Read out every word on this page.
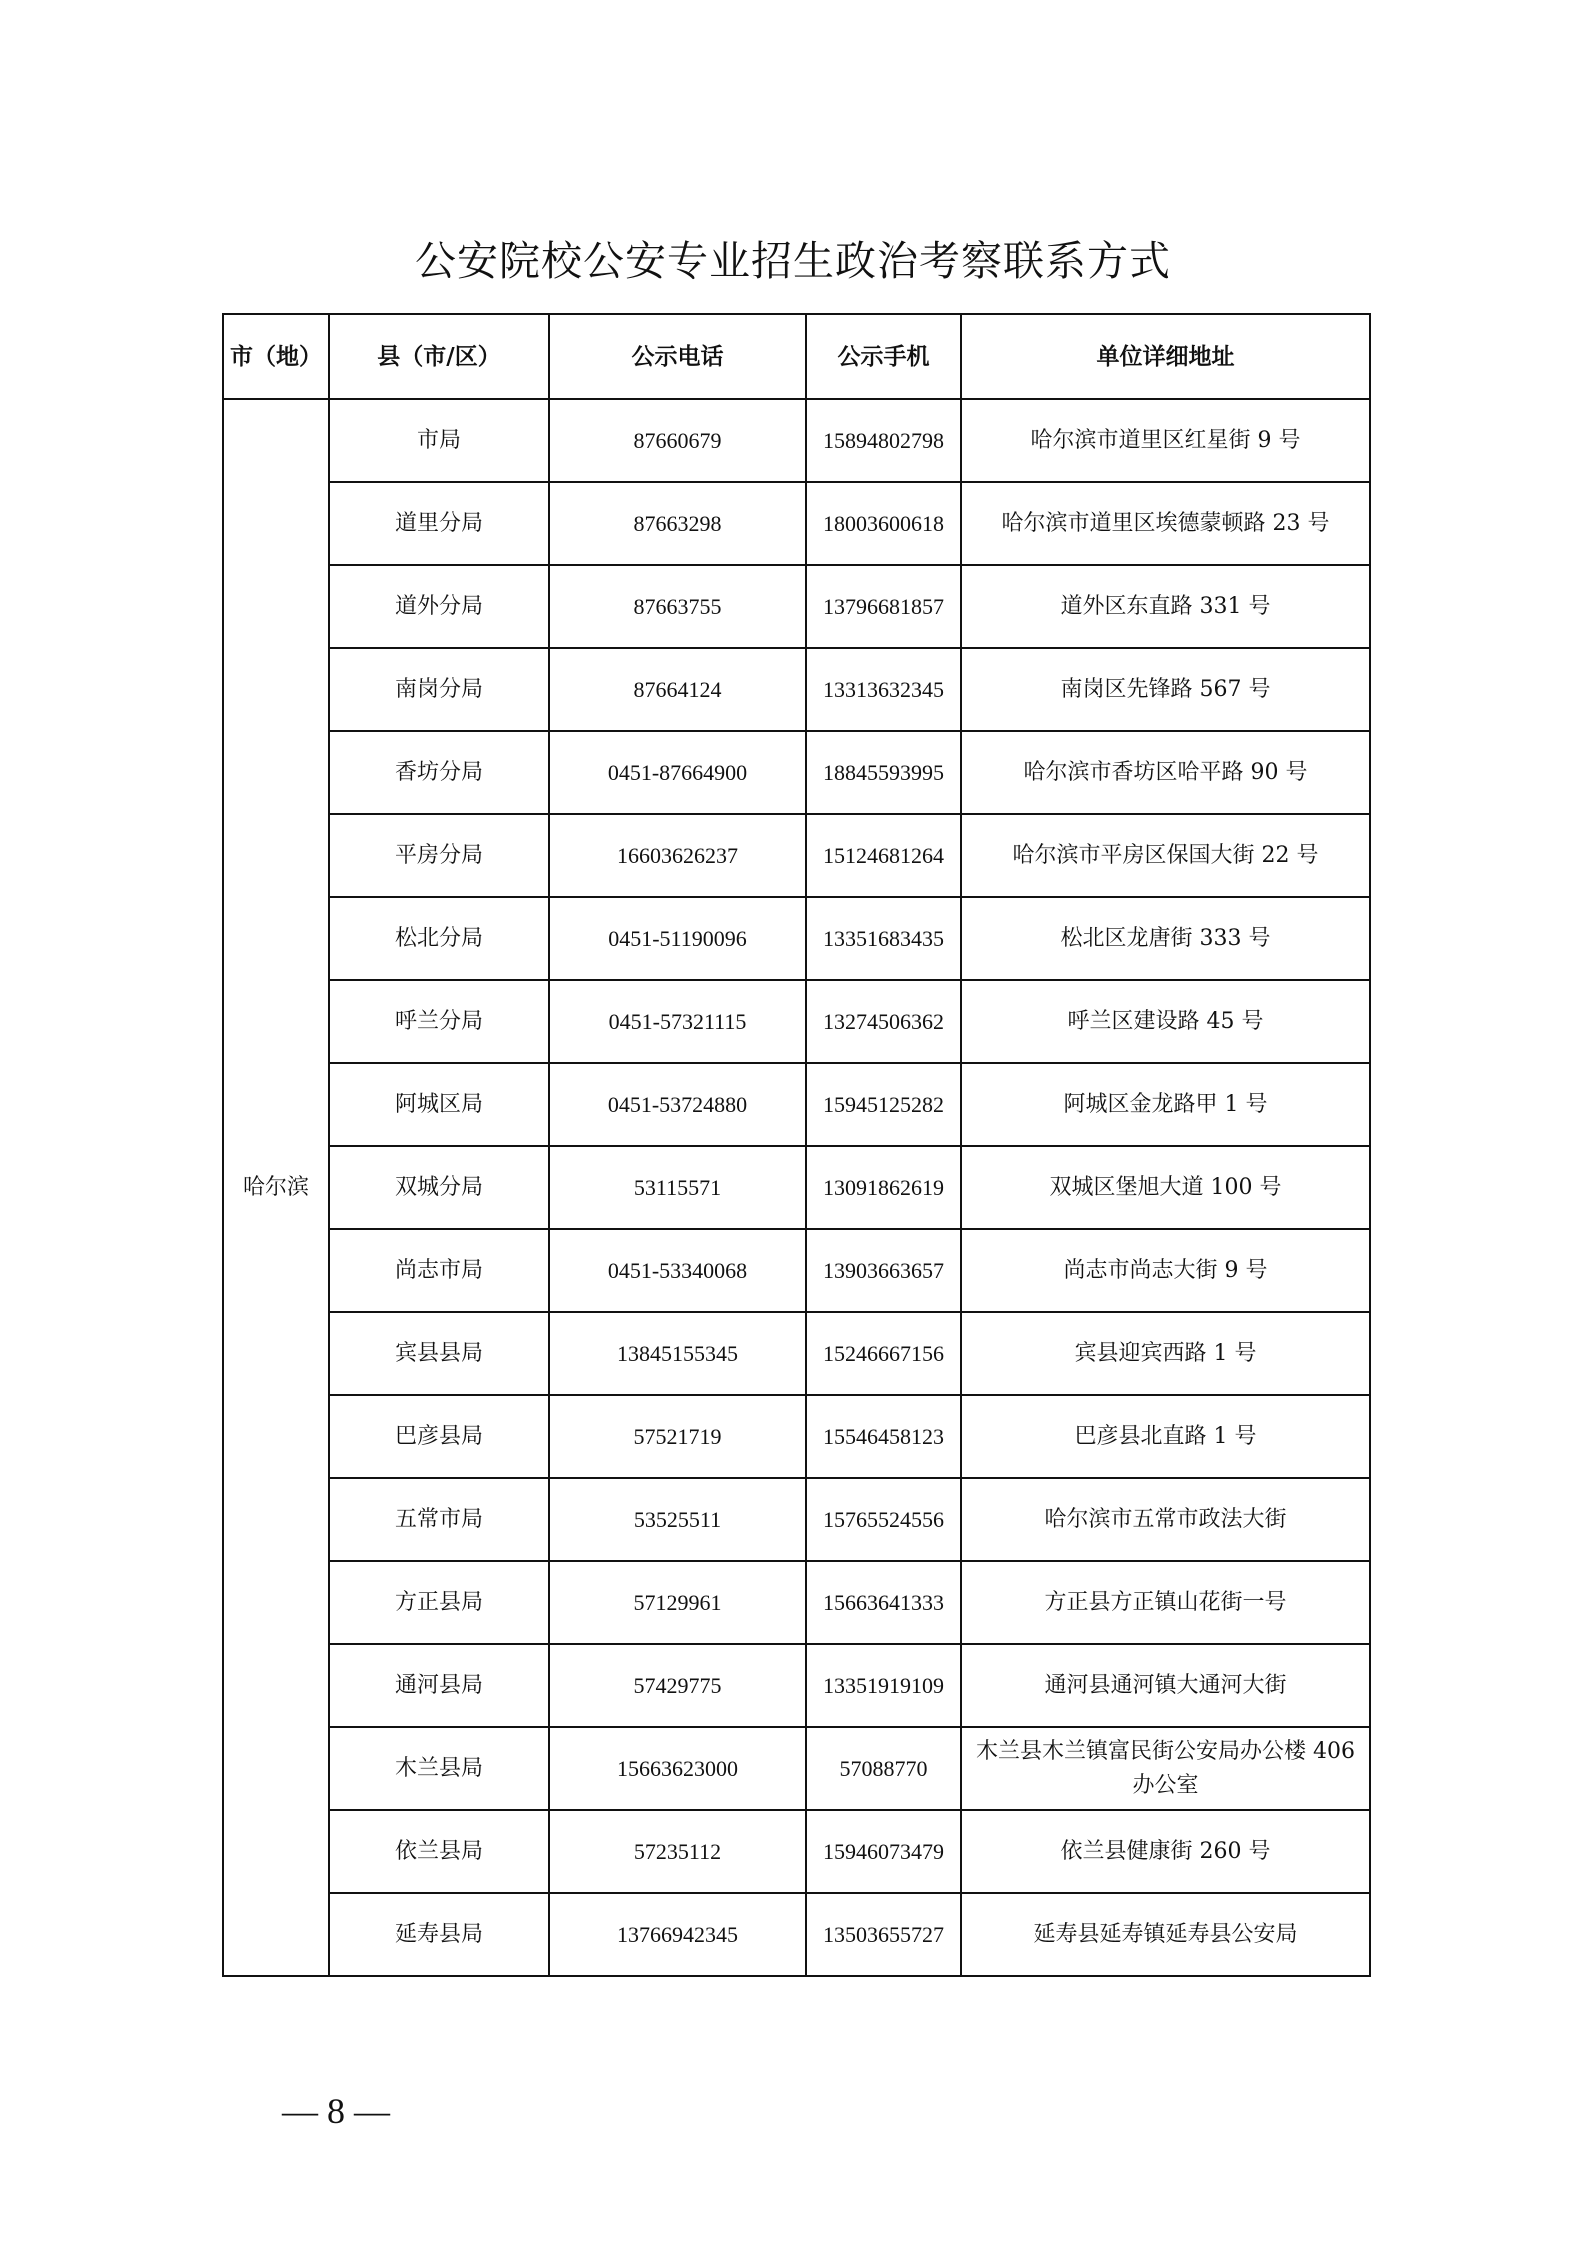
公安院校公安专业招生政治考察联系方式
市（地）	县（市/区）	公示电话	公示手机	单位详细地址
哈尔滨	市局	87660679	15894802798	哈尔滨市道里区红星街 9 号
	道里分局	87663298	18003600618	哈尔滨市道里区埃德蒙顿路 23 号
	道外分局	87663755	13796681857	道外区东直路 331 号
	南岗分局	87664124	13313632345	南岗区先锋路 567 号
	香坊分局	0451-87664900	18845593995	哈尔滨市香坊区哈平路 90 号
	平房分局	16603626237	15124681264	哈尔滨市平房区保国大街 22 号
	松北分局	0451-51190096	13351683435	松北区龙唐街 333 号
	呼兰分局	0451-57321115	13274506362	呼兰区建设路 45 号
	阿城区局	0451-53724880	15945125282	阿城区金龙路甲 1 号
	双城分局	53115571	13091862619	双城区堡旭大道 100 号
	尚志市局	0451-53340068	13903663657	尚志市尚志大街 9 号
	宾县县局	13845155345	15246667156	宾县迎宾西路 1 号
	巴彦县局	57521719	15546458123	巴彦县北直路 1 号
	五常市局	53525511	15765524556	哈尔滨市五常市政法大街
	方正县局	57129961	15663641333	方正县方正镇山花街一号
	通河县局	57429775	13351919109	通河县通河镇大通河大街
	木兰县局	15663623000	57088770	木兰县木兰镇富民街公安局办公楼 406 办公室
	依兰县局	57235112	15946073479	依兰县健康街 260 号
	延寿县局	13766942345	13503655727	延寿县延寿镇延寿县公安局
— 8 —
